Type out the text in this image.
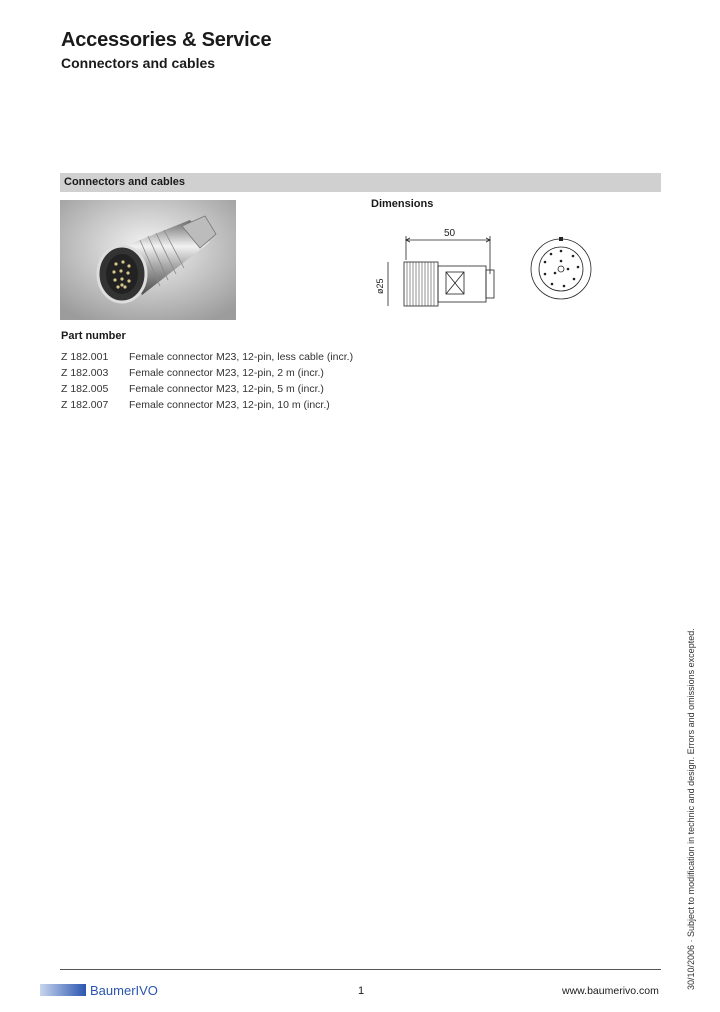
Accessories & Service
Connectors and cables
Connectors and cables
Dimensions
50
ø25
Part number
Z 182.001	Female connector M23, 12-pin, less cable (incr.)
Z 182.003	Female connector M23, 12-pin, 2 m (incr.)
Z 182.005	Female connector M23, 12-pin, 5 m (incr.)
Z 182.007	Female connector M23, 12-pin, 10 m (incr.)
30/10/2006 · Subject to modification in technic and design. Errors and omissions excepted.
BaumerIVO	1	www.baumerivo.com
